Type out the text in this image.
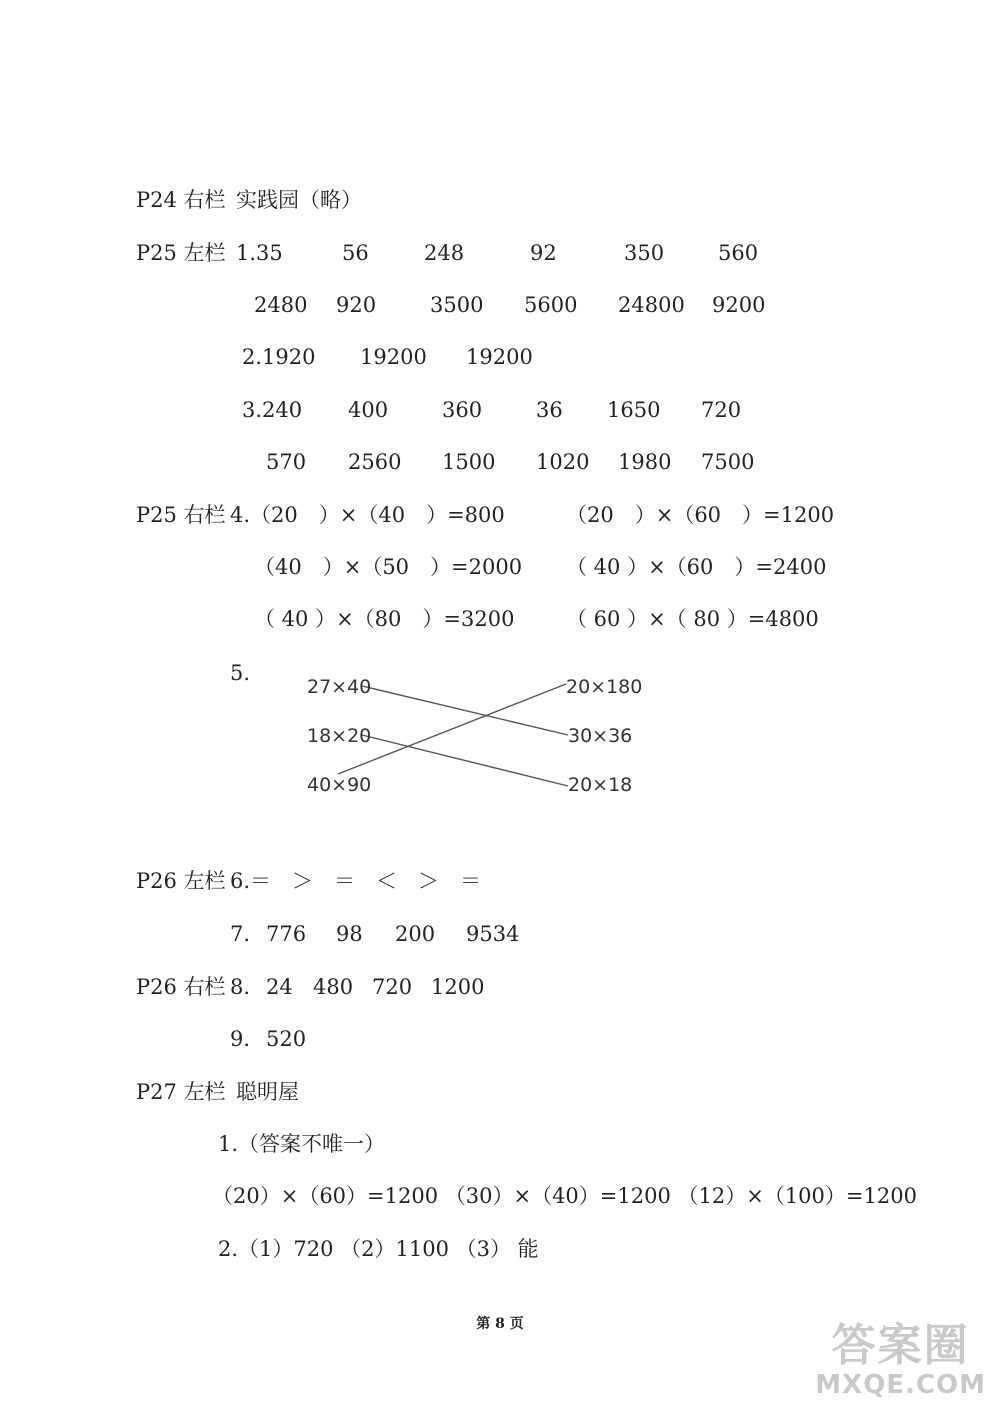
P24 右栏 实践园（略）
P25 左栏 1.35	56	248	92	350	560
2480 920	3500 5600 24800 9200
2.1920 19200 19200
3.240 400	360	36 1650 720
570 2560 1500 1020 1980 7500
P25 右栏 4.（20　）×（40　）=800	（20　）×（60　）=1200
（40　）×（50　）=2000 （ 40 ）×（60　）=2400
（ 40 ）×（80　）=3200 （ 60 ）×（ 80 ）=4800
5.
27×40
18×20
40×90
20×180
30×36
20×18
P26 左栏 6.＝　＞　＝　＜　＞　＝
7. 776 98 200 9534
P26 右栏 8. 24 480 720 1200
9. 520
P27 左栏 聪明屋
1.（答案不唯一）
（20）×（60）=1200 （30）×（40）=1200 （12）×（100）=1200
2.（1）720 （2）1100 （3） 能
第 8 页	答案圈
MXQE.COM
